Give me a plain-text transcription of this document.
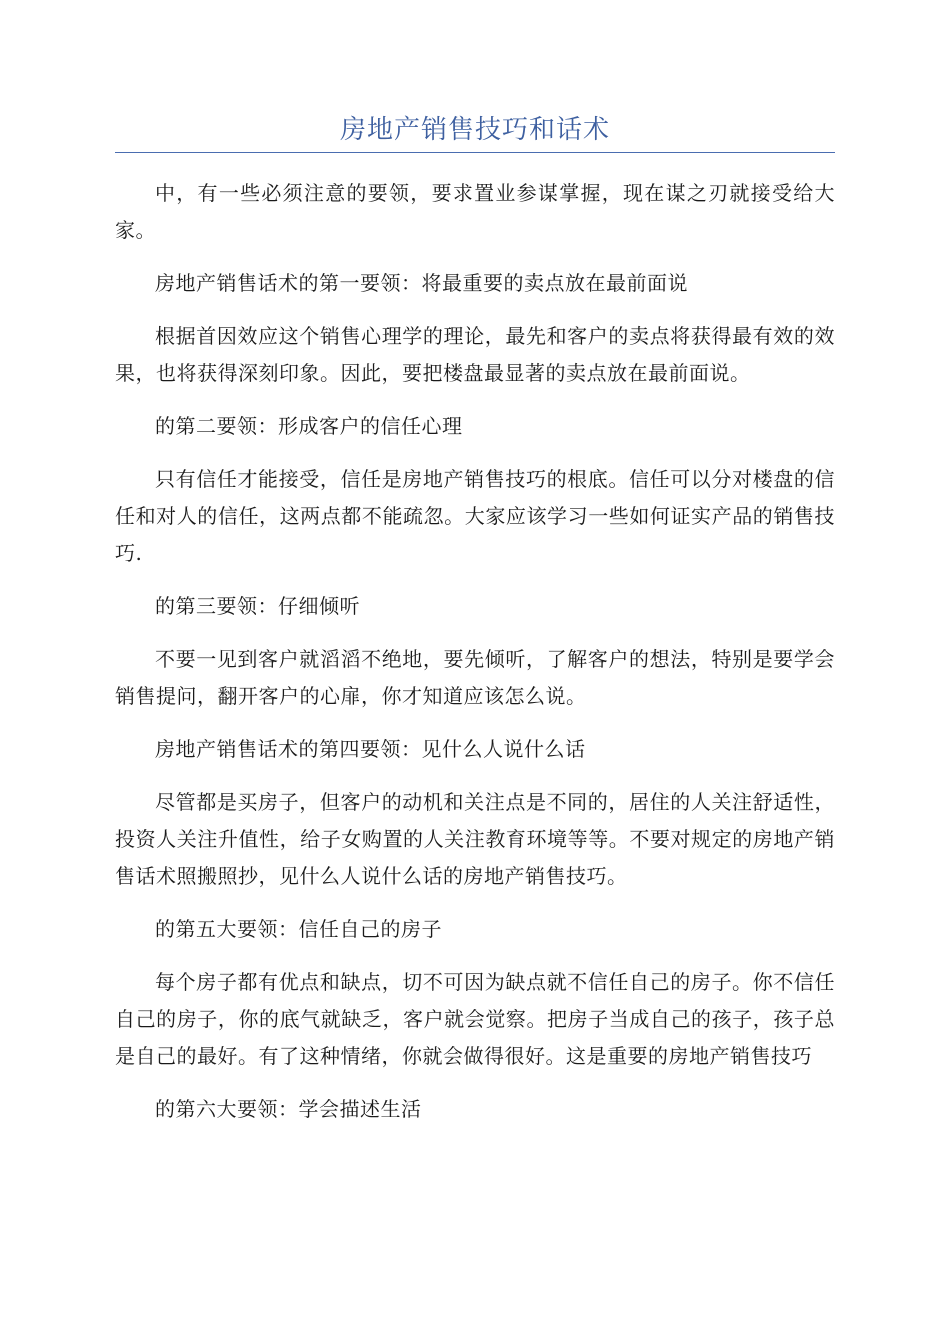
房地产销售技巧和话术

中，有一些必须注意的要领，要求置业参谋掌握，现在谋之刃就接受给大家。

房地产销售话术的第一要领：将最重要的卖点放在最前面说

根据首因效应这个销售心理学的理论，最先和客户的卖点将获得最有效的效果，也将获得深刻印象。因此，要把楼盘最显著的卖点放在最前面说。

的第二要领：形成客户的信任心理

只有信任才能接受，信任是房地产销售技巧的根底。信任可以分对楼盘的信任和对人的信任，这两点都不能疏忽。大家应该学习一些如何证实产品的销售技巧.

的第三要领：仔细倾听

不要一见到客户就滔滔不绝地，要先倾听，了解客户的想法，特别是要学会销售提问，翻开客户的心扉，你才知道应该怎么说。

房地产销售话术的第四要领：见什么人说什么话

尽管都是买房子，但客户的动机和关注点是不同的，居住的人关注舒适性，投资人关注升值性，给子女购置的人关注教育环境等等。不要对规定的房地产销售话术照搬照抄，见什么人说什么话的房地产销售技巧。

的第五大要领：信任自己的房子

每个房子都有优点和缺点，切不可因为缺点就不信任自己的房子。你不信任自己的房子，你的底气就缺乏，客户就会觉察。把房子当成自己的孩子，孩子总是自己的最好。有了这种情绪，你就会做得很好。这是重要的房地产销售技巧

的第六大要领：学会描述生活
